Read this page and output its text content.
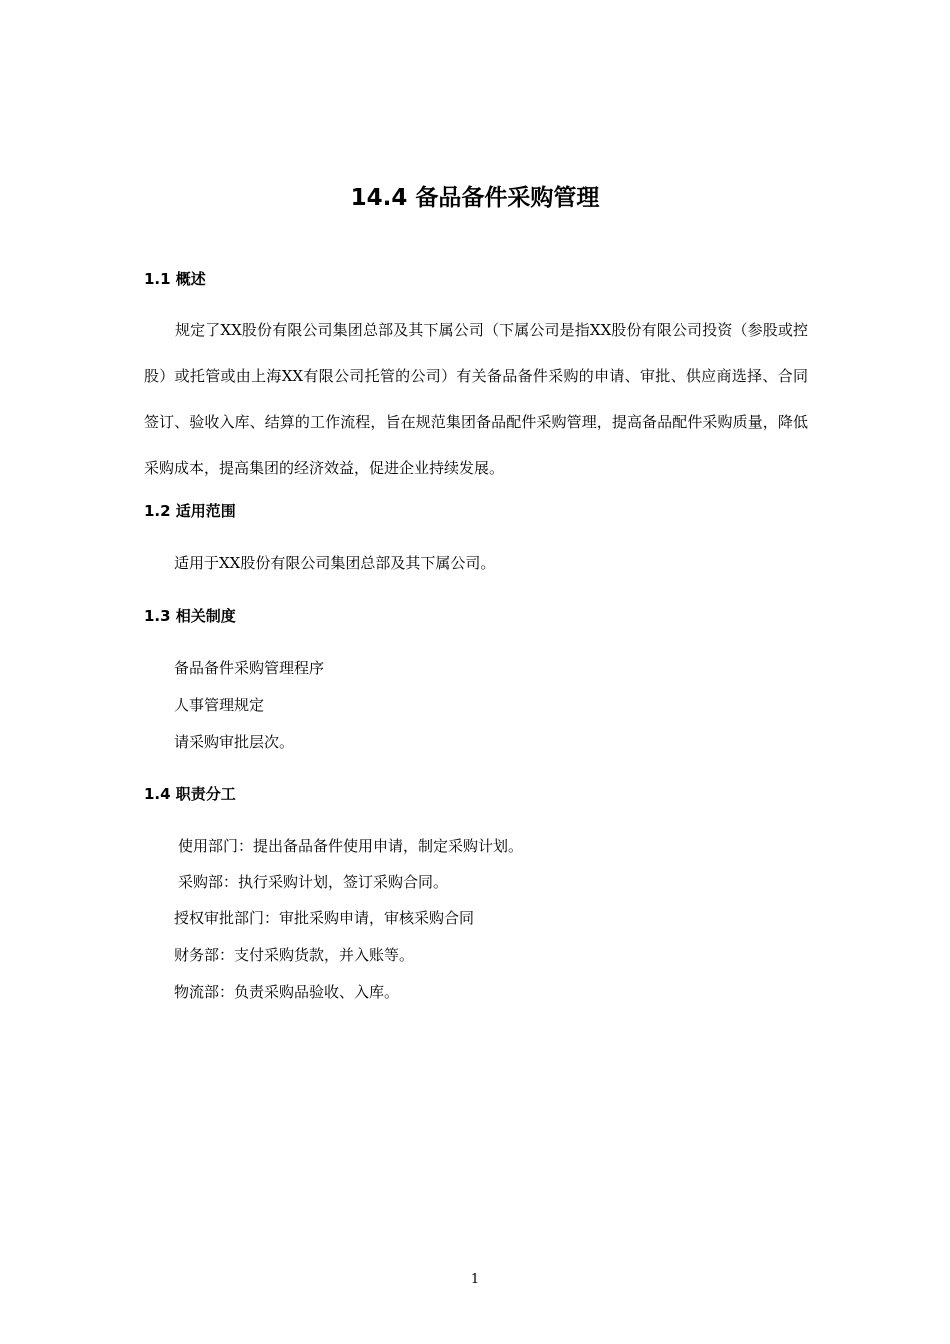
14.4 备品备件采购管理
1.1 概述

规定了XX股份有限公司集团总部及其下属公司（下属公司是指XX股份有限公司投资（参股或控股）或托管或由上海XX有限公司托管的公司）有关备品备件采购的申请、审批、供应商选择、合同签订、验收入库、结算的工作流程，旨在规范集团备品配件采购管理，提高备品配件采购质量，降低采购成本，提高集团的经济效益，促进企业持续发展。

1.2 适用范围

适用于XX股份有限公司集团总部及其下属公司。

1.3 相关制度

备品备件采购管理程序

人事管理规定

请采购审批层次。

1.4 职责分工

使用部门：提出备品备件使用申请，制定采购计划。

采购部：执行采购计划，签订采购合同。

授权审批部门：审批采购申请，审核采购合同

财务部：支付采购货款，并入账等。

物流部：负责采购品验收、入库。

1
